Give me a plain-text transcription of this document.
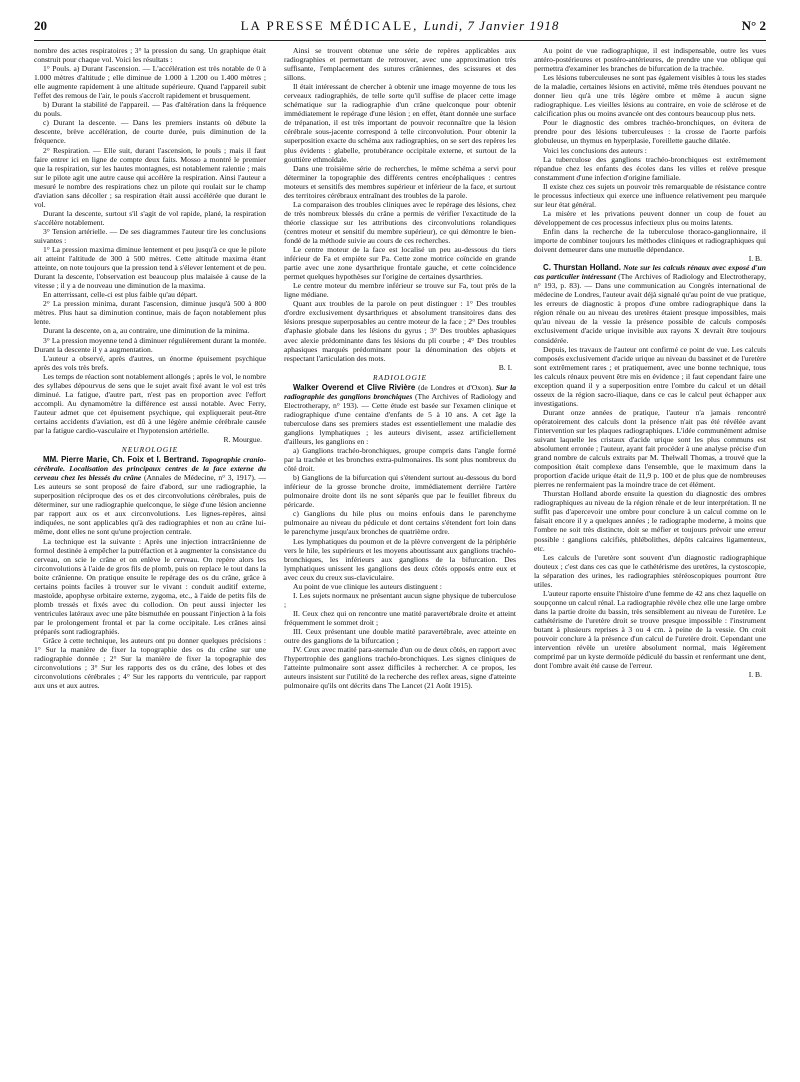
20	LA PRESSE MÉDICALE, Lundi, 7 Janvier 1918	N° 2

nombre des actes respiratoires ; 3° la pression du sang. Un graphique était construit pour chaque vol. Voici les résultats :

1° Pouls. a) Durant l'ascension. — L'accélération est très notable de 0 à 1.000 mètres d'altitude ; elle diminue de 1.000 à 1.200 ou 1.400 mètres ; elle augmente rapidement à une altitude supérieure. Quand l'appareil subit l'effet des remous de l'air, le pouls s'accroît rapidement et brusquement.

b) Durant la stabilité de l'appareil. — Pas d'altération dans la fréquence du pouls.

c) Durant la descente. — Dans les premiers instants où débute la descente, brève accélération, de courte durée, puis diminution de la fréquence.

2° Respiration. — Elle suit, durant l'ascension, le pouls ; mais il faut faire entrer ici en ligne de compte deux faits. Mosso a montré le premier que la respiration, sur les hautes montagnes, est notablement ralentie ; mais sur le pilote agit une autre cause qui accélère la respiration. Ainsi l'auteur a mesuré le nombre des respirations chez un pilote qui roulait sur le champ d'aviation sans décoller ; sa respiration était aussi accélérée que durant le vol.

Durant la descente, surtout s'il s'agit de vol rapide, plané, la respiration s'accélère notablement.

3° Tension artérielle. — De ses diagrammes l'auteur tire les conclusions suivantes :

1° La pression maxima diminue lentement et peu jusqu'à ce que le pilote ait atteint l'altitude de 300 à 500 mètres. Cette altitude maxima étant atteinte, on note toujours que la pression tend à s'élever lentement et de peu. Durant la descente, l'observation est beaucoup plus malaisée à cause de la vitesse ; il y a de nouveau une diminution de la maxima.

En atterrissant, celle-ci est plus faible qu'au départ.

2° La pression minima, durant l'ascension, diminue jusqu'à 500 à 800 mètres. Plus haut sa diminution continue, mais de façon notablement plus lente.

Durant la descente, on a, au contraire, une diminution de la minima.

3° La pression moyenne tend à diminuer régulièrement durant la montée. Durant la descente il y a augmentation.

L'auteur a observé, après d'autres, un énorme épuisement psychique après des vols très brefs.

Les temps de réaction sont notablement allongés ; après le vol, le nombre des syllabes dépourvus de sens que le sujet avait fixé avant le vol est très diminué. La fatigue, d'autre part, n'est pas en proportion avec l'effort accompli. Au dynamomètre la différence est aussi notable. Avec Ferry, l'auteur admet que cet épuisement psychique, qui expliquerait peut-être certains accidents d'aviation, est dû à une légère anémie cérébrale causée par la fatigue cardio-vasculaire et l'hypotension artérielle.

R. Mourgue.

NEUROLOGIE

MM. Pierre Marie, Ch. Foix et I. Bertrand. Topographie cranio-cérébrale. Localisation des principaux centres de la face externe du cerveau chez les blessés du crâne (Annales de Médecine, n° 3, 1917). — Les auteurs se sont proposé de faire d'abord, sur une radiographie, la superposition réciproque des os et des circonvolutions cérébrales, puis de déterminer, sur une radiographie quelconque, le siège d'une lésion ancienne par rapport aux os et aux circonvolutions. Les lignes-repères, ainsi indiquées, ne sont applicables qu'à des radiographies et non au crâne lui-même, dont elles ne sont qu'une projection centrale.

La technique est la suivante : Après une injection intracrânienne de formol destinée à empêcher la putréfaction et à augmenter la consistance du cerveau, on scie le crâne et on enlève le cerveau. On repère alors les circonvolutions à l'aide de gros fils de plomb, puis on replace le tout dans la boite crânienne. On pratique ensuite le repérage des os du crâne, grâce à certains points faciles à trouver sur le vivant : conduit auditif externe, mastoïde, apophyse orbitaire externe, zygoma, etc., à l'aide de petits fils de plomb tressés et fixés avec du collodion. On peut aussi injecter les ventricules latéraux avec une pâte bismuthée en poussant l'injection à la fois par le prolongement frontal et par la corne occipitale. Les crânes ainsi préparés sont radiographiés.

Grâce à cette technique, les auteurs ont pu donner quelques précisions : 1° Sur la manière de fixer la topographie des os du crâne sur une radiographie donnée ; 2° Sur la manière de fixer la topographie des circonvolutions ; 3° Sur les rapports des os du crâne, des lobes et des circonvolutions cérébrales ; 4° Sur les rapports du ventricule, par rapport aux uns et aux autres.

Ainsi se trouvent obtenue une série de repères applicables aux radiographies et permettant de retrouver, avec une approximation très suffisante, l'emplacement des sutures crâniennes, des scissures et des sillons.

Il était intéressant de chercher à obtenir une image moyenne de tous les cerveaux radiographiés, de telle sorte qu'il suffise de placer cette image schématique sur la radiographie d'un crâne quelconque pour obtenir immédiatement le repérage d'une lésion ; en effet, étant donnée une surface de trépanation, il est très important de pouvoir reconnaître que la lésion cérébrale sous-jacente correspond à telle circonvolution. Pour obtenir la superposition exacte du schéma aux radiographies, on se sert des repères les plus évidents : glabelle, protubérance occipitale externe, et surtout de la gouttière ethmoïdale.

Dans une troisième série de recherches, le même schéma a servi pour déterminer la topographie des différents centres encéphaliques : centres moteurs et sensitifs des membres supérieur et inférieur de la face, et surtout des territoires cérébraux entraînant des troubles de la parole.

La comparaison des troubles cliniques avec le repérage des lésions, chez de très nombreux blessés du crâne a permis de vérifier l'exactitude de la théorie classique sur les attributions des circonvolutions rolandiques (centres moteur et sensitif du membre supérieur), ce qui démontre le bien-fondé de la méthode suivie au cours de ces recherches.

Le centre moteur de la face est localisé un peu au-dessous du tiers inférieur de Fa et empiète sur Pa. Cette zone motrice coïncide en grande partie avec une zone dysarthrique frontale gauche, et cette coïncidence permet quelques hypothèses sur l'origine de certaines dysarthries.

Le centre moteur du membre inférieur se trouve sur Fa, tout près de la ligne médiane.

Quant aux troubles de la parole on peut distinguer : 1° Des troubles d'ordre exclusivement dysarthriques et absolument transitoires dans des lésions presque superposables au centre moteur de la face ; 2° Des troubles d'aphasie globale dans les lésions du gyrus ; 3° Des troubles aphasiques avec alexie prédominante dans les lésions du pli courbe ; 4° Des troubles aphasiques marqués prédominant pour la dénomination des objets et respectant l'articulation des mots.

B. I.

RADIOLOGIE

Walker Overend et Clive Rivière (de Londres et d'Oxon). Sur la radiographie des ganglions bronchiques (The Archives of Radiology and Electrotherapy, n° 193). — Cette étude est basée sur l'examen clinique et radiographique d'une centaine d'enfants de 5 à 10 ans. A cet âge la tuberculose dans ses premiers stades est essentiellement une maladie des ganglions lymphatiques ; les auteurs divisent, assez artificiellement d'ailleurs, les ganglions en :

a) Ganglions trachéo-bronchiques, groupe compris dans l'angle formé par la trachée et les bronches extra-pulmonaires. Ils sont plus nombreux du côté droit.

b) Ganglions de la bifurcation qui s'étendent surtout au-dessous du bord inférieur de la grosse bronche droite, immédiatement derrière l'artère pulmonaire droite dont ils ne sont séparés que par le feuillet fibreux du péricarde.

c) Ganglions du hile plus ou moins enfouis dans le parenchyme pulmonaire au niveau du pédicule et dont certains s'étendent fort loin dans le parenchyme jusqu'aux bronches de quatrième ordre.

Les lymphatiques du poumon et de la plèvre convergent de la périphérie vers le hile, les supérieurs et les moyens aboutissant aux ganglions trachéo-bronchiques, les inférieurs aux ganglions de la bifurcation. Des lymphatiques unissent les ganglions des deux côtés opposés entre eux et avec ceux du creux sus-claviculaire.

Au point de vue clinique les auteurs distinguent :

I. Les sujets normaux ne présentant aucun signe physique de tuberculose ;

II. Ceux chez qui on rencontre une matité paravertébrale droite et atteint fréquemment le sommet droit ;

III. Ceux présentant une double matité paravertébrale, avec atteinte en outre des ganglions de la bifurcation ;

IV. Ceux avec matité para-sternale d'un ou de deux côtés, en rapport avec l'hypertrophie des ganglions trachéo-bronchiques. Les signes cliniques de l'atteinte pulmonaire sont assez difficiles à rechercher. A ce propos, les auteurs insistent sur l'utilité de la recherche des reflex areas, signe d'atteinte pulmonaire qu'ils ont décrits dans The Lancet (21 Août 1915).

Au point de vue radiographique, il est indispensable, outre les vues antéro-postérieures et postéro-antérieures, de prendre une vue oblique qui permettra d'examiner les branches de bifurcation de la trachée.

Les lésions tuberculeuses ne sont pas également visibles à tous les stades de la maladie, certaines lésions en activité, même très étendues pouvant ne donner lieu qu'à une très légère ombre et même à aucun signe radiographique. Les vieilles lésions au contraire, en voie de sclérose et de calcification plus ou moins avancée ont des contours beaucoup plus nets.

Pour le diagnostic des ombres trachéo-bronchiques, on évitera de prendre pour des lésions tuberculeuses : la crosse de l'aorte parfois globuleuse, un thymus en hyperplasie, l'oreillette gauche dilatée.

Voici les conclusions des auteurs :

La tuberculose des ganglions trachéo-bronchiques est extrêmement répandue chez les enfants des écoles dans les villes et relève presque constamment d'une infection d'origine familiale.

Il existe chez ces sujets un pouvoir très remarquable de résistance contre le processus infectieux qui exerce une influence relativement peu marquée sur leur état général.

La misère et les privations peuvent donner un coup de fouet au développement de ces processus infectieux plus ou moins latents.

Enfin dans la recherche de la tuberculose thoraco-ganglionnaire, il importe de combiner toujours les méthodes cliniques et radiographiques qui doivent demeurer dans une mutuelle dépendance.

I. B.

C. Thurstan Holland. Note sur les calculs rénaux avec exposé d'un cas particulier intéressant (The Archives of Radiology and Electrotherapy, n° 193, p. 83). — Dans une communication au Congrès international de médecine de Londres, l'auteur avait déjà signalé qu'au point de vue pratique, les erreurs de diagnostic à propos d'une ombre radiographique dans la région rénale ou au niveau des uretères étaient presque impossibles, mais qu'au niveau de la vessie la présence possible de calculs composés exclusivement d'acide urique invisible aux rayons X devrait être toujours considérée.

Depuis, les travaux de l'auteur ont confirmé ce point de vue. Les calculs composés exclusivement d'acide urique au niveau du bassinet et de l'uretère sont extrêmement rares ; et pratiquement, avec une bonne technique, tous les calculs rénaux peuvent être mis en évidence ; il faut cependant faire une exception quand il y a superposition entre l'ombre du calcul et un détail osseux de la région sacro-iliaque, dans ce cas le calcul peut échapper aux investigations.

Durant onze années de pratique, l'auteur n'a jamais rencontré opératoirement des calculs dont la présence n'ait pas été révélée avant l'intervention sur les plaques radiographiques. L'idée communément admise suivant laquelle les cristaux d'acide urique sont les plus communs est absolument erronée ; l'auteur, ayant fait procéder à une analyse précise d'un grand nombre de calculs extraits par M. Thelwall Thomas, a trouvé que la composition était complexe dans l'ensemble, que le maximum dans la proportion d'acide urique était de 11,9 p. 100 et de plus que de nombreuses pierres ne renfermaient pas la moindre trace de cet élément.

Thurstan Holland aborde ensuite la question du diagnostic des ombres radiographiques au niveau de la région rénale et de leur interprétation. Il ne suffit pas d'apercevoir une ombre pour conclure à un calcul comme on le faisait encore il y a quelques années ; le radiographe moderne, à moins que l'ombre ne soit très distincte, doit se méfier et toujours prévoir une erreur possible : ganglions calcifiés, phlébolithes, dépôts calcaires ligamenteux, etc.

Les calculs de l'uretère sont souvent d'un diagnostic radiographique douteux ; c'est dans ces cas que le cathétérisme des uretères, la cystoscopie, la séparation des urines, les radiographies stéréoscopiques pourront être utiles.

L'auteur raporte ensuite l'histoire d'une femme de 42 ans chez laquelle on soupçonne un calcul rénal. La radiographie révèle chez elle une large ombre dans la partie droite du bassin, très sensiblement au niveau de l'uretère. Le cathétérisme de l'uretère droit se trouve presque impossible : l'instrument butant à plusieurs reprises à 3 ou 4 cm. à peine de la vessie. On croit pouvoir conclure à la présence d'un calcul de l'uretère droit. Cependant une intervention révèle un uretère absolument normal, mais légèrement comprimé par un kyste dermoïde pédiculé du bassin et renfermant une dent, dont l'ombre avait été cause de l'erreur.

I. B.
